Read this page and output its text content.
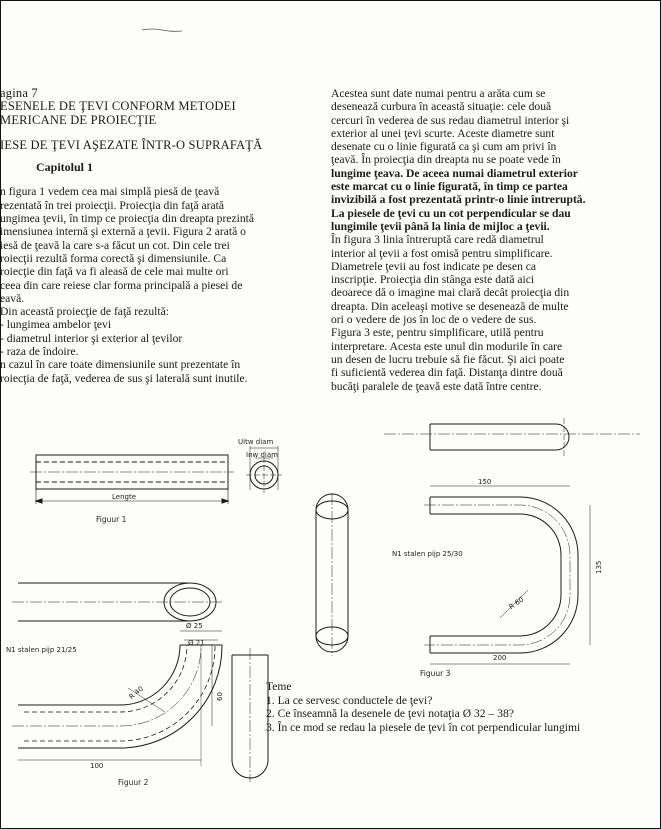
agina 7
ESENELE DE ŢEVI CONFORM METODEI
MERICANE DE PROIECŢIE
IESE DE ŢEVI AŞEZATE ÎNTR-O SUPRAFAŢĂ
Capitolul 1
n figura 1 vedem cea mai simplă piesă de ţeavă
rezentată în trei proiecţii. Proiecţia din faţă arată
ungimea ţevii, în timp ce proiecţia din dreapta prezintă
imensiunea internă şi externă a ţevii. Figura 2 arată o
iesă de ţeavă la care s-a făcut un cot. Din cele trei
roiecţii rezultă forma corectă şi dimensiunile. Ca
roiecţie din faţă va fi aleasă de cele mai multe ori
ceea din care reiese clar forma principală a piesei de
eavă.
Din această proiecţie de faţă rezultă:
- lungimea ambelor ţevi
- diametrul interior şi exterior al ţevilor
- raza de îndoire.
n cazul în care toate dimensiunile sunt prezentate în
roiecţia de faţă, vederea de sus şi laterală sunt inutile.
Acestea sunt date numai pentru a arăta cum se
desenează curbura în această situaţie: cele două
cercuri în vederea de sus redau diametrul interior şi
exterior al unei ţevi scurte. Aceste diametre sunt
desenate cu o linie figurată ca şi cum am privi în
ţeavă. În proiecţia din dreapta nu se poate vede în
lungime ţeava. De aceea numai diametrul exterior
este marcat cu o linie figurată, în timp ce partea
invizibilă a fost prezentată printr-o linie întreruptă.
La piesele de ţevi cu un cot perpendicular se dau
lungimile ţevii până la linia de mijloc a ţevii.
În figura 3 linia întreruptă care redă diametrul
interior al ţevii a fost omisă pentru simplificare.
Diametrele ţevii au fost indicate pe desen ca
inscripţie. Proiecţia din stânga este dată aici
deoarece dă o imagine mai clară decât proiecţia din
dreapta. Din aceleaşi motive se desenează de multe
ori o vedere de jos în loc de o vedere de sus.
Figura 3 este, pentru simplificare, utilă pentru
interpretare. Acesta este unul din modurile în care
un desen de lucru trebuie să fie făcut. Şi aici poate
fi suficientă vederea din faţă. Distanţa dintre două
bucăţi paralele de ţeavă este dată între centre.
Uitw diam
Inw diam
Lengte
Figuur 1
N1 stalen pijp 21/25
Ø 25
Ø 21
R 40	60
100
Figuur 2
150
200
135
R 60
N1 stalen pijp 25/30
Figuur 3
Teme
1. La ce servesc conductele de ţevi?
2. Ce înseamnă la desenele de ţevi notaţia Ø 32 – 38?
3. În ce mod se redau la piesele de ţevi în cot perpendicular lungimi
